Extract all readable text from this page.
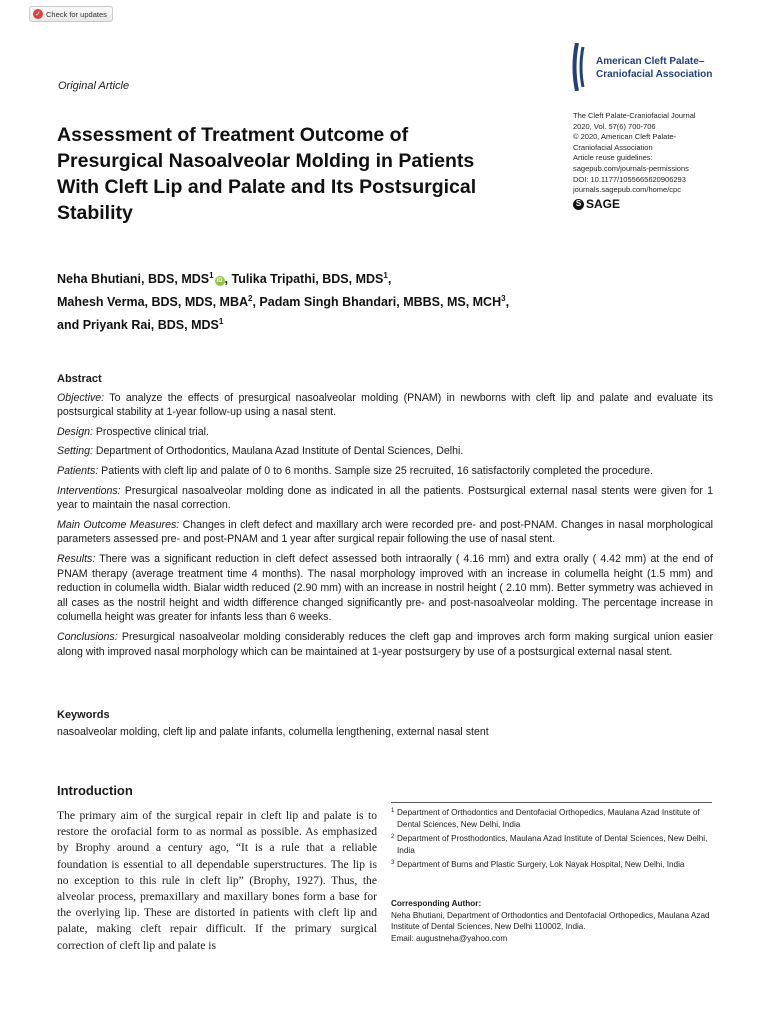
✓ Check for updates
American Cleft Palate–
Craniofacial Association
Original Article
Assessment of Treatment Outcome of Presurgical Nasoalveolar Molding in Patients With Cleft Lip and Palate and Its Postsurgical Stability
The Cleft Palate-Craniofacial Journal
2020, Vol. 57(6) 700-706
© 2020, American Cleft Palate-
Craniofacial Association
Article reuse guidelines:
sagepub.com/journals-permissions
DOI: 10.1177/1055665620906293
journals.sagepub.com/home/cpc
S SAGE
Neha Bhutiani, BDS, MDS$^1$iD , Tulika Tripathi, BDS, MDS$^1$,
Mahesh Verma, BDS, MDS, MBA$^2$, Padam Singh Bhandari, MBBS, MS, MCH$^3$,
and Priyank Rai, BDS, MDS$^1$
Abstract

Objective: To analyze the effects of presurgical nasoalveolar molding (PNAM) in newborns with cleft lip and palate and evaluate its postsurgical stability at 1-year follow-up using a nasal stent.

Design: Prospective clinical trial.

Setting: Department of Orthodontics, Maulana Azad Institute of Dental Sciences, Delhi.

Patients: Patients with cleft lip and palate of 0 to 6 months. Sample size 25 recruited, 16 satisfactorily completed the procedure.

Interventions: Presurgical nasoalveolar molding done as indicated in all the patients. Postsurgical external nasal stents were given for 1 year to maintain the nasal correction.

Main Outcome Measures: Changes in cleft defect and maxillary arch were recorded pre- and post-PNAM. Changes in nasal morphological parameters assessed pre- and post-PNAM and 1 year after surgical repair following the use of nasal stent.

Results: There was a significant reduction in cleft defect assessed both intraorally ( 4.16 mm) and extra orally ( 4.42 mm) at the end of PNAM therapy (average treatment time 4 months). The nasal morphology improved with an increase in columella height (1.5 mm) and reduction in columella width. Bialar width reduced (2.90 mm) with an increase in nostril height ( 2.10 mm). Better symmetry was achieved in all cases as the nostril height and width difference changed significantly pre- and post-nasoalveolar molding. The percentage increase in columella height was greater for infants less than 6 weeks.

Conclusions: Presurgical nasoalveolar molding considerably reduces the cleft gap and improves arch form making surgical union easier along with improved nasal morphology which can be maintained at 1-year postsurgery by use of a postsurgical external nasal stent.

Keywords
nasoalveolar molding, cleft lip and palate infants, columella lengthening, external nasal stent
Introduction

The primary aim of the surgical repair in cleft lip and palate is to restore the orofacial form to as normal as possible. As emphasized by Brophy around a century ago, “It is a rule that a reliable foundation is essential to all dependable superstructures. The lip is no exception to this rule in cleft lip” (Brophy, 1927). Thus, the alveolar process, premaxillary and maxillary bones form a base for the overlying lip. These are distorted in patients with cleft lip and palate, making cleft repair difficult. If the primary surgical correction of cleft lip and palate is

1 Department of Orthodontics and Dentofacial Orthopedics, Maulana Azad Institute of Dental Sciences, New Delhi, India
2 Department of Prosthodontics, Maulana Azad Institute of Dental Sciences, New Delhi, India
3 Department of Burns and Plastic Surgery, Lok Nayak Hospital, New Delhi, India
Corresponding Author:
Neha Bhutiani, Department of Orthodontics and Dentofacial Orthopedics, Maulana Azad Institute of Dental Sciences, New Delhi 110002, India.
Email: augustneha@yahoo.com
